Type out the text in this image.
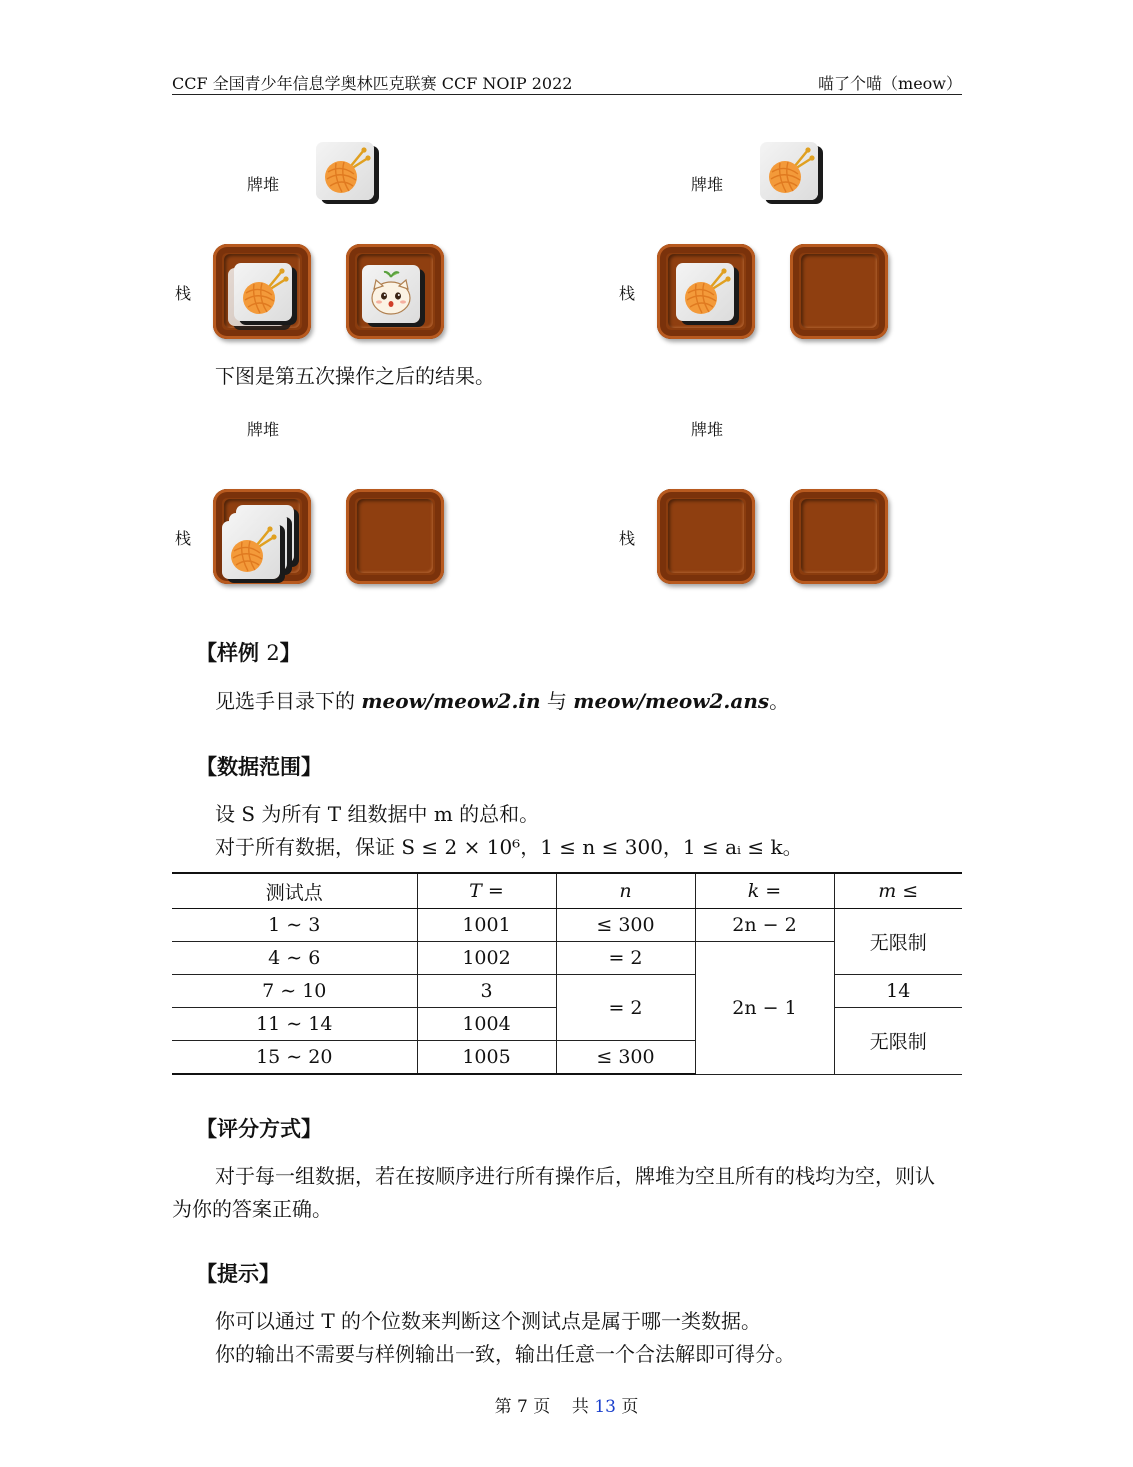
CCF 全国青少年信息学奥林匹克联赛 CCF NOIP 2022	喵了个喵（meow）
牌堆
栈
牌堆
栈
下图是第五次操作之后的结果。
牌堆
栈
牌堆
栈
【样例 2】
见选手目录下的 meow/meow2.in 与 meow/meow2.ans。
【数据范围】
设 S 为所有 T 组数据中 m 的总和。
对于所有数据，保证 S ≤ 2 × 10⁶，1 ≤ n ≤ 300，1 ≤ aᵢ ≤ k。
测试点	T =	n	k =	m ≤
1 ∼ 3	1001	≤ 300	2n − 2	无限制
4 ∼ 6	1002	= 2	2n − 1	
7 ∼ 10	3	= 2		14
11 ∼ 14	1004			无限制
15 ∼ 20	1005	≤ 300		
【评分方式】
对于每一组数据，若在按顺序进行所有操作后，牌堆为空且所有的栈均为空，则认
为你的答案正确。
【提示】
你可以通过 T 的个位数来判断这个测试点是属于哪一类数据。
你的输出不需要与样例输出一致，输出任意一个合法解即可得分。
第 7 页    共 13 页
